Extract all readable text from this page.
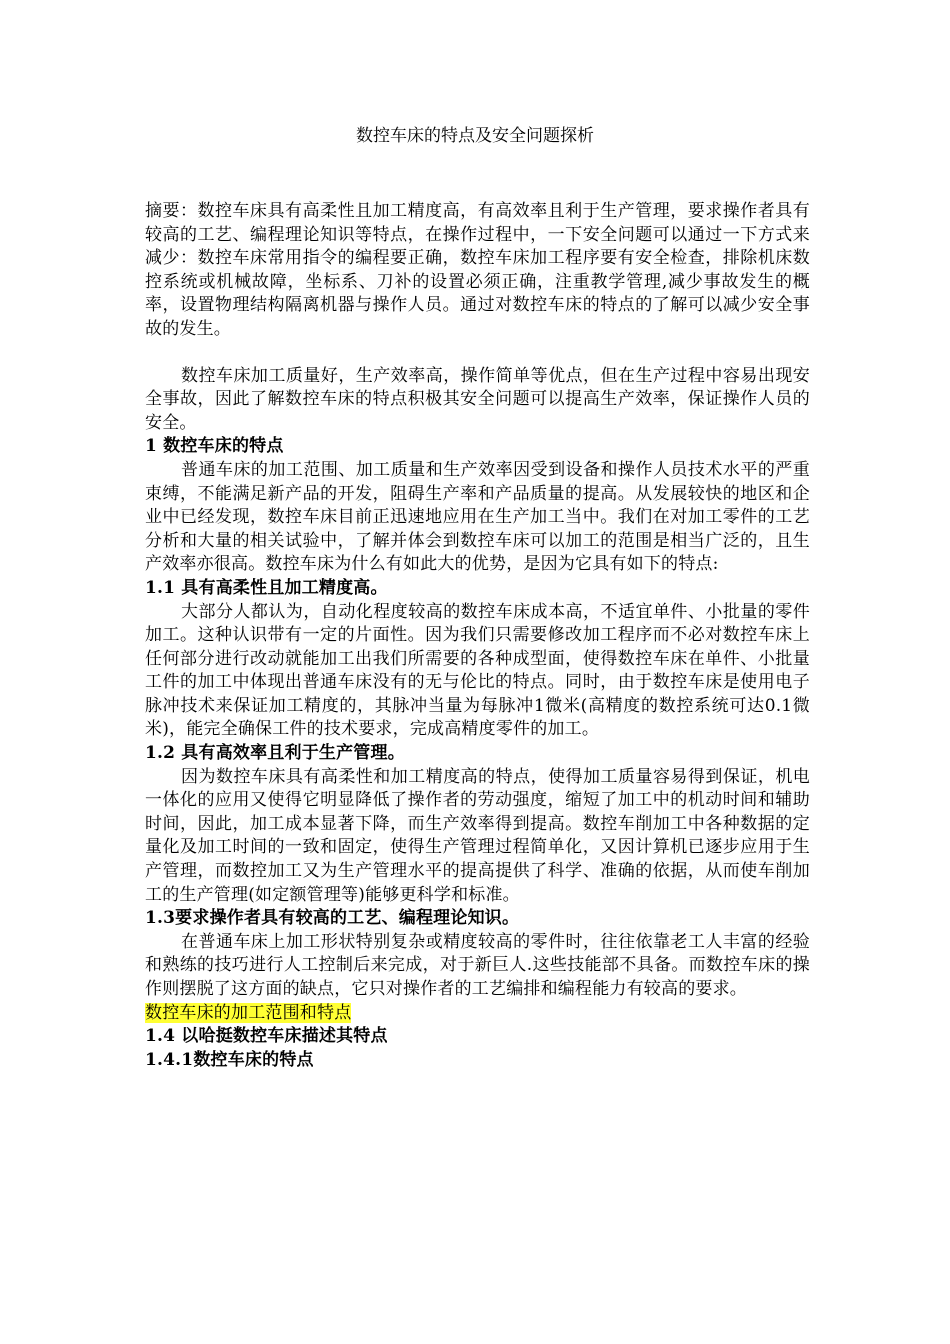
数控车床的特点及安全问题探析

摘要：数控车床具有高柔性且加工精度高，有高效率且利于生产管理，要求操作者具有较高的工艺、编程理论知识等特点，在操作过程中，一下安全问题可以通过一下方式来减少：数控车床常用指令的编程要正确，数控车床加工程序要有安全检查，排除机床数控系统或机械故障，坐标系、刀补的设置必须正确，注重教学管理,减少事故发生的概率，设置物理结构隔离机器与操作人员。通过对数控车床的特点的了解可以减少安全事故的发生。

数控车床加工质量好，生产效率高，操作简单等优点，但在生产过程中容易出现安全事故，因此了解数控车床的特点积极其安全问题可以提高生产效率，保证操作人员的安全。

1 数控车床的特点

普通车床的加工范围、加工质量和生产效率因受到设备和操作人员技术水平的严重束缚，不能满足新产品的开发，阻碍生产率和产品质量的提高。从发展较快的地区和企业中已经发现，数控车床目前正迅速地应用在生产加工当中。我们在对加工零件的工艺分析和大量的相关试验中，了解并体会到数控车床可以加工的范围是相当广泛的，且生产效率亦很高。数控车床为什么有如此大的优势，是因为它具有如下的特点:

1.1 具有高柔性且加工精度高。

大部分人都认为，自动化程度较高的数控车床成本高，不适宜单件、小批量的零件加工。这种认识带有一定的片面性。因为我们只需要修改加工程序而不必对数控车床上任何部分进行改动就能加工出我们所需要的各种成型面，使得数控车床在单件、小批量工件的加工中体现出普通车床没有的无与伦比的特点。同时，由于数控车床是使用电子脉冲技术来保证加工精度的，其脉冲当量为每脉冲1微米(高精度的数控系统可达0.1微米)，能完全确保工件的技术要求，完成高精度零件的加工。

1.2 具有高效率且利于生产管理。

因为数控车床具有高柔性和加工精度高的特点，使得加工质量容易得到保证，机电一体化的应用又使得它明显降低了操作者的劳动强度，缩短了加工中的机动时间和辅助时间，因此，加工成本显著下降，而生产效率得到提高。数控车削加工中各种数据的定量化及加工时间的一致和固定，使得生产管理过程简单化，又因计算机已逐步应用于生产管理，而数控加工又为生产管理水平的提高提供了科学、准确的依据，从而使车削加工的生产管理(如定额管理等)能够更科学和标准。

1.3要求操作者具有较高的工艺、编程理论知识。

在普通车床上加工形状特别复杂或精度较高的零件时，往往依靠老工人丰富的经验和熟练的技巧进行人工控制后来完成，对于新巨人.这些技能部不具备。而数控车床的操作则摆脱了这方面的缺点，它只对操作者的工艺编排和编程能力有较高的要求。

数控车床的加工范围和特点

1.4 以哈挺数控车床描述其特点

1.4.1数控车床的特点
